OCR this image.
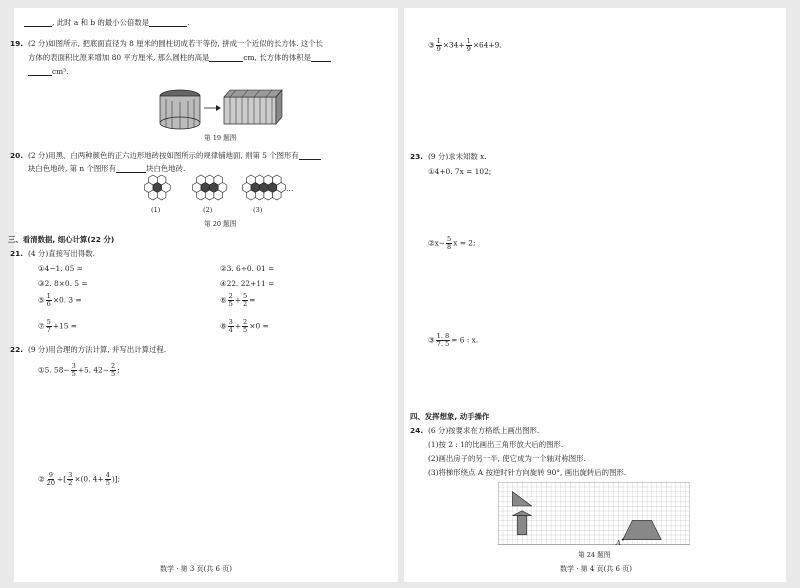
, 此时 a 和 b 的最小公倍数是	.
19. (2 分)如图所示, 把底面直径为 8 厘米的圆柱切成若干等份, 拼成一个近似的长方体. 这个长
方体的表面积比原来增加 80 平方厘米, 那么圆柱的高是	cm, 长方体的体积是
cm³.
第 19 题图
20. (2 分)用黑、白两种颜色的正六边形地砖按如图所示的规律铺地面, 则第 5 个图形有
块白色地砖, 第 n 个图形有	块白色地砖.
…
(1)	(2)	(3)
第 20 题图
三、看清数据, 细心计算(22 分)
21. (4 分)直接写出得数.
①4−1. 05 =	②3. 6÷0. 01 =
③2. 8×0. 5 =	④22. 22+11 =
⑤ $\frac{1}{6} \times 0$. 3 =	⑥ $\frac{2}{5} + \frac{5}{2}$ =
⑦ $\frac{5}{7} +15$ =	⑧ $\frac{3}{4} + \frac{2}{5} \times 0$ =
22. (9 分)用合理的方法计算, 并写出计算过程.
①5. $58- \frac{3}{5} +5$. $42- \frac{2}{5}$ ;
② $\frac{9}{20}$ ÷[ $\frac{3}{2} \times(0$. $4+ \frac{4}{5}$ )];
数学 · 第 3 页(共 6 页)
③ $\frac{1}{9} \times 34+ \frac{1}{9} \times 64+9$.
23. (9 分)求未知数 x.
①4+0. 7x = 102;
②x− $\frac{5}{8}$ x = 2;
③ $\frac{1. 8}{7. 5} = 6$ : x.
四、发挥想象, 动手操作
24. (6 分)按要求在方格纸上画出图形.
(1)按 2 : 1的比画出三角形放大后的图形.
(2)画出房子的另一半, 使它成为一个轴对称图形.
(3)将梯形绕点 A 按逆时针方向旋转 90°, 画出旋转后的图形.
A
第 24 题图
数学 · 第 4 页(共 6 页)
